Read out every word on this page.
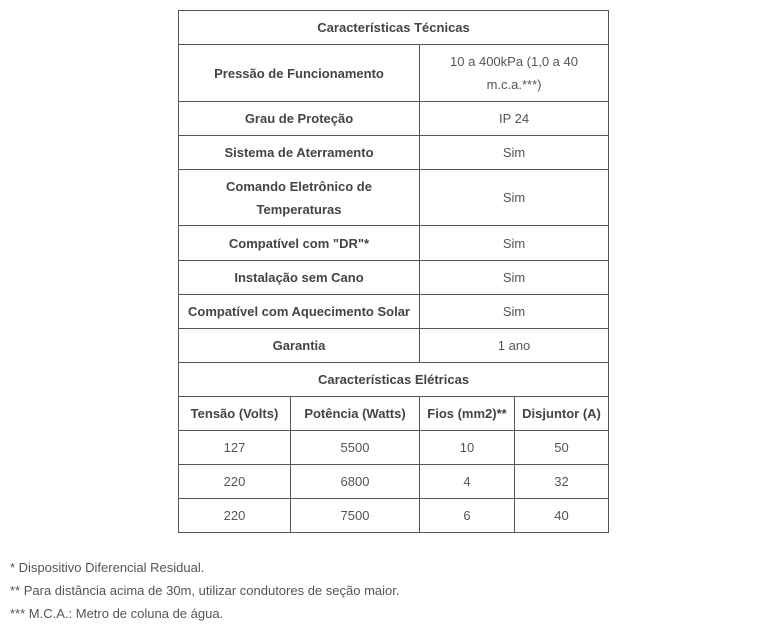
Características Técnicas			
Pressão de Funcionamento		10 a 400kPa (1,0 a 40 m.c.a.***)	
Grau de Proteção		IP 24	
Sistema de Aterramento		Sim	
Comando Eletrônico de Temperaturas		Sim	
Compatível com "DR"*		Sim	
Instalação sem Cano		Sim	
Compatível com Aquecimento Solar		Sim	
Garantia		1 ano	
Características Elétricas			
Tensão (Volts)	Potência (Watts)	Fios (mm2)**	Disjuntor (A)
127	5500	10	50
220	6800	4	32
220	7500	6	40
* Dispositivo Diferencial Residual.
** Para distância acima de 30m, utilizar condutores de seção maior.
*** M.C.A.: Metro de coluna de água.
